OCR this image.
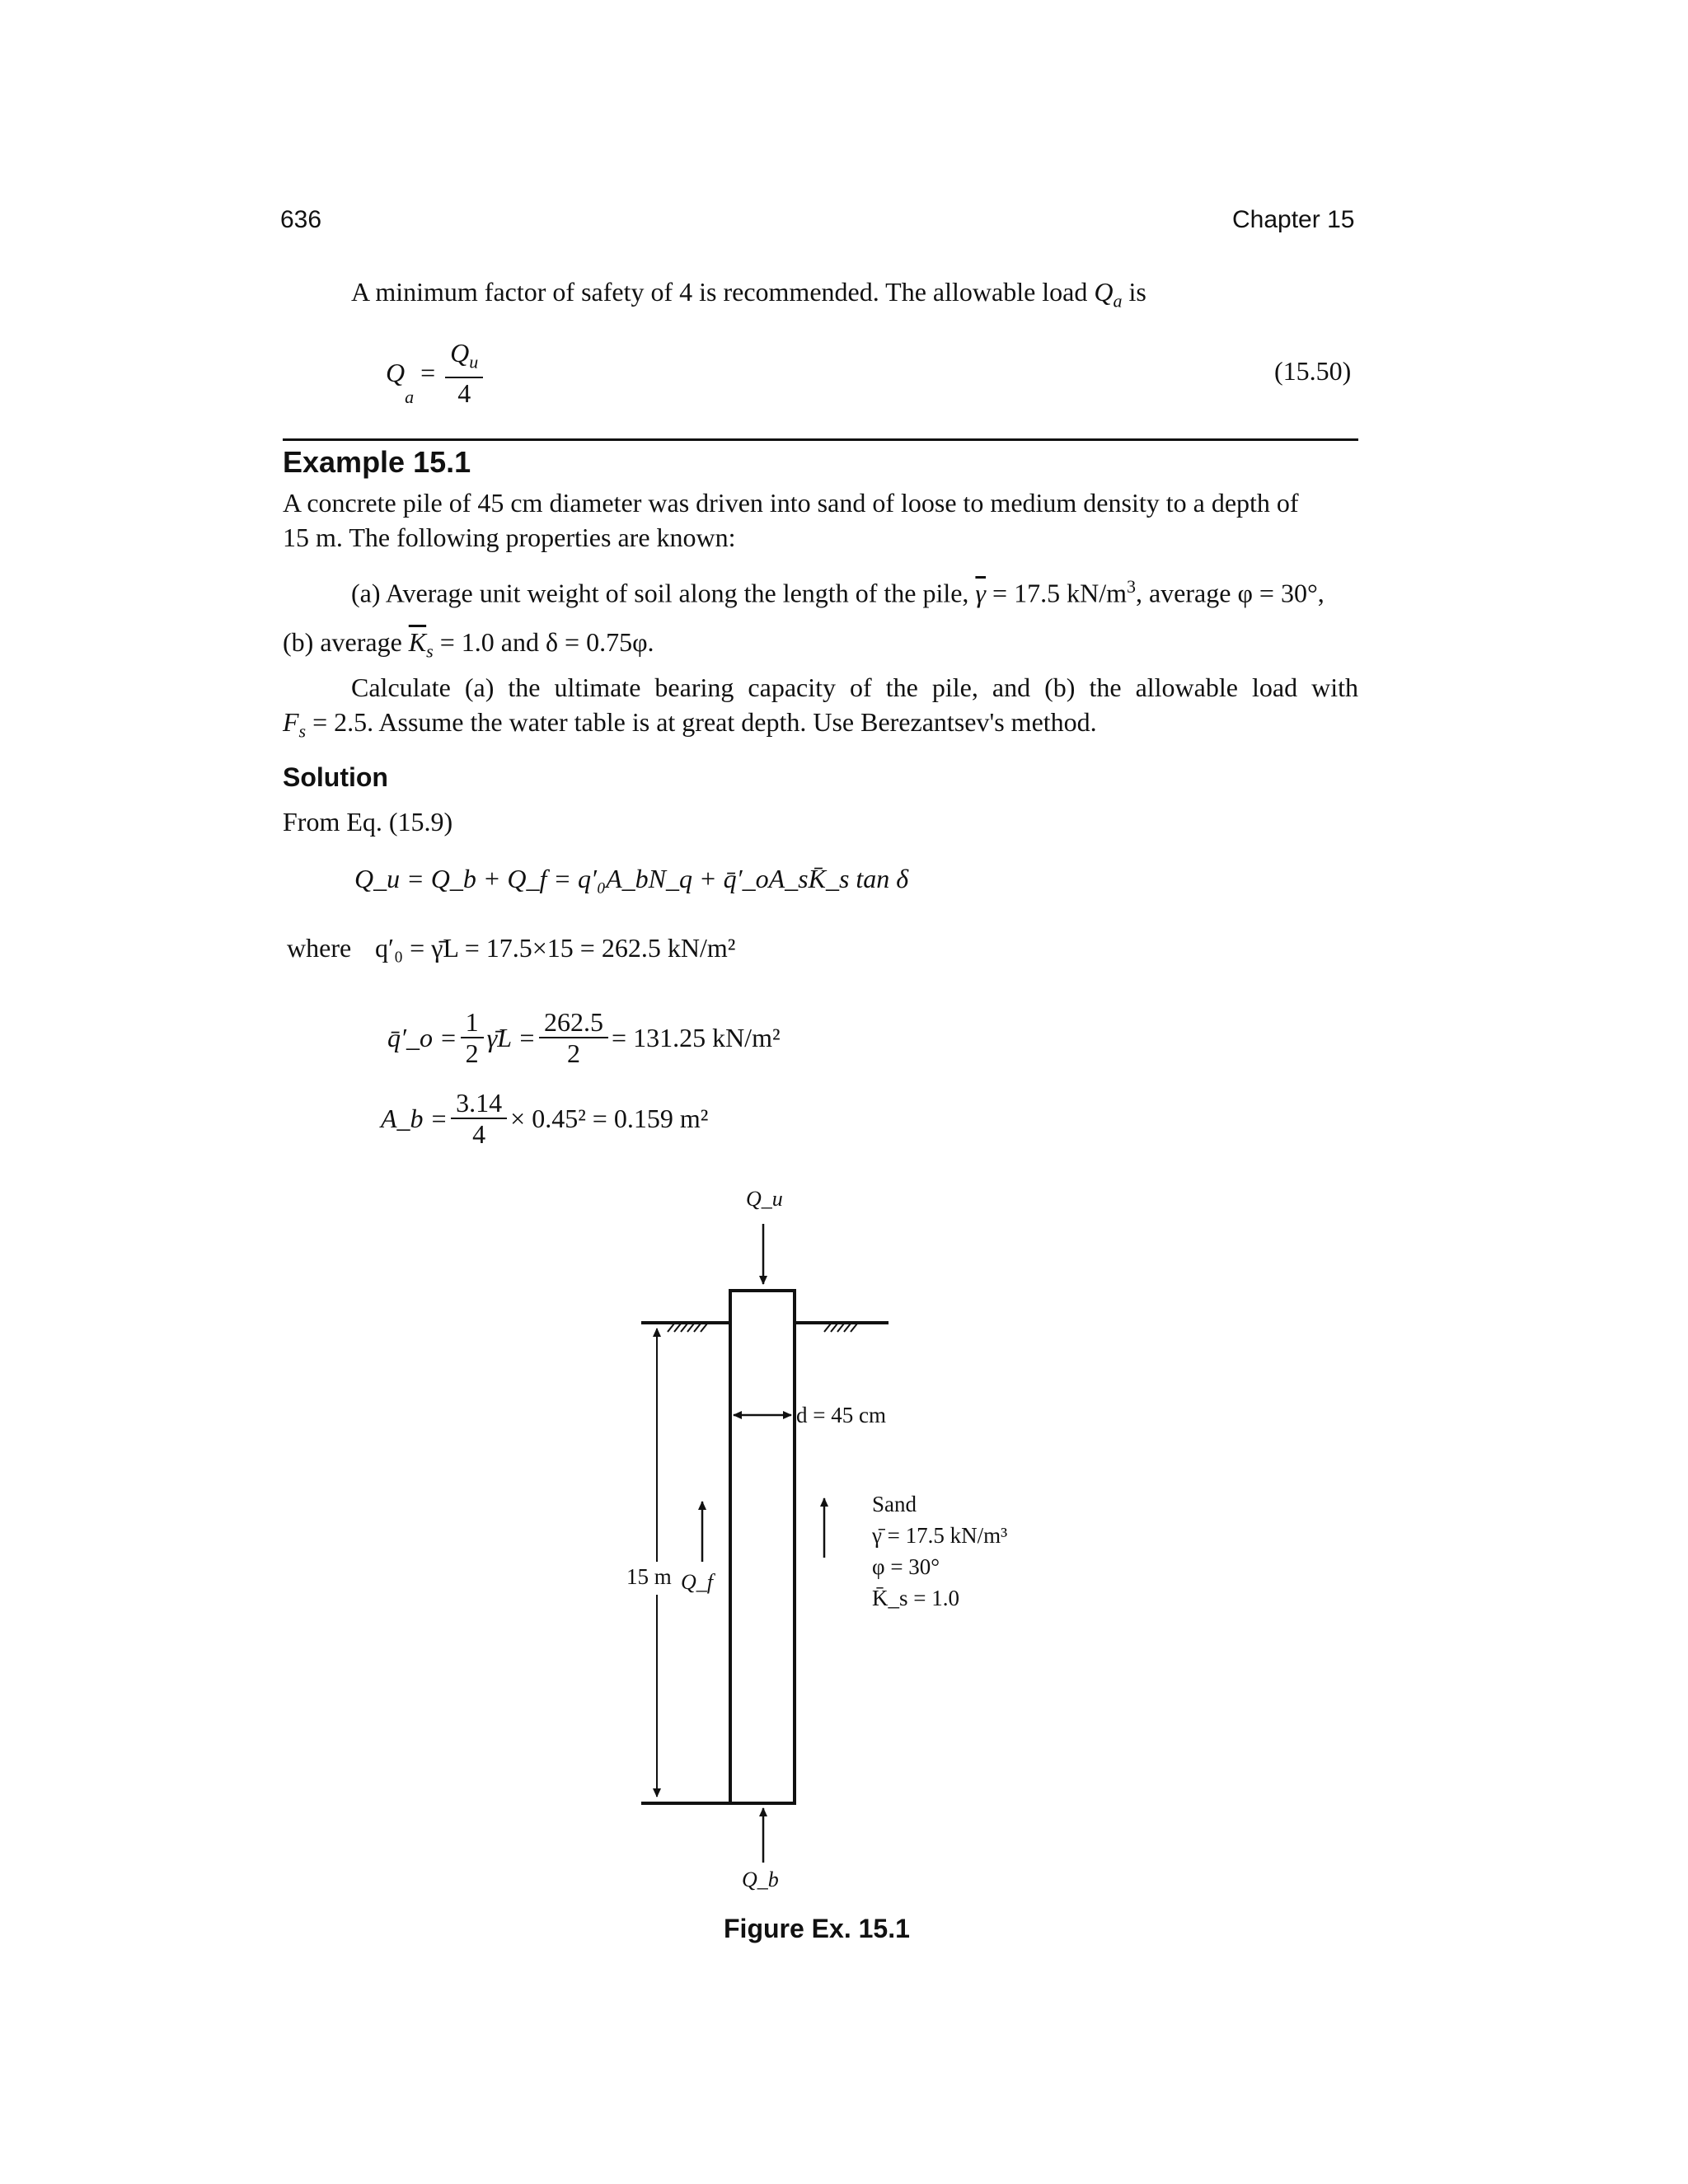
636	Chapter 15
A minimum factor of safety of 4 is recommended. The allowable load $Q_a$ is
Q
$_a$
= $\frac{Q_u}{4}$	(15.50)
Example 15.1
A concrete pile of 45 cm diameter was driven into sand of loose to medium density to a depth of
15 m. The following properties are known:
(a) Average unit weight of soil along the length of the pile, $\overline{\gamma} = 17.5$ $kN/m^3$, average φ = 30°,
(b) average $\overline{K}_s = 1.0$ and δ = 0.75φ.
Calculate (a) the ultimate bearing capacity of the pile, and (b) the allowable load with
$F_s = 2.5$. Assume the water table is at great depth. Use Berezantsev's method.
Solution
From Eq. (15.9)
Q_u = Q_b + Q_f = q′₀A_bN_q + q̄′_oA_sK̄_s tan δ
where q′₀ = γ̄L = 17.5×15 = 262.5 kN/m²
q̄′_o = $\frac{1}{2}$ γ̄L = $\frac{262.5}{2} = 131.25$ kN/m²
A_b = $\frac{3.14}{4} \times 0.45^2 = 0.159$ m²
Q_u
d = 45 cm
15 m Q_f
Sand
γ̄ = 17.5 kN/m³
φ = 30°
K̄_s = 1.0
Q_b
Figure Ex. 15.1
